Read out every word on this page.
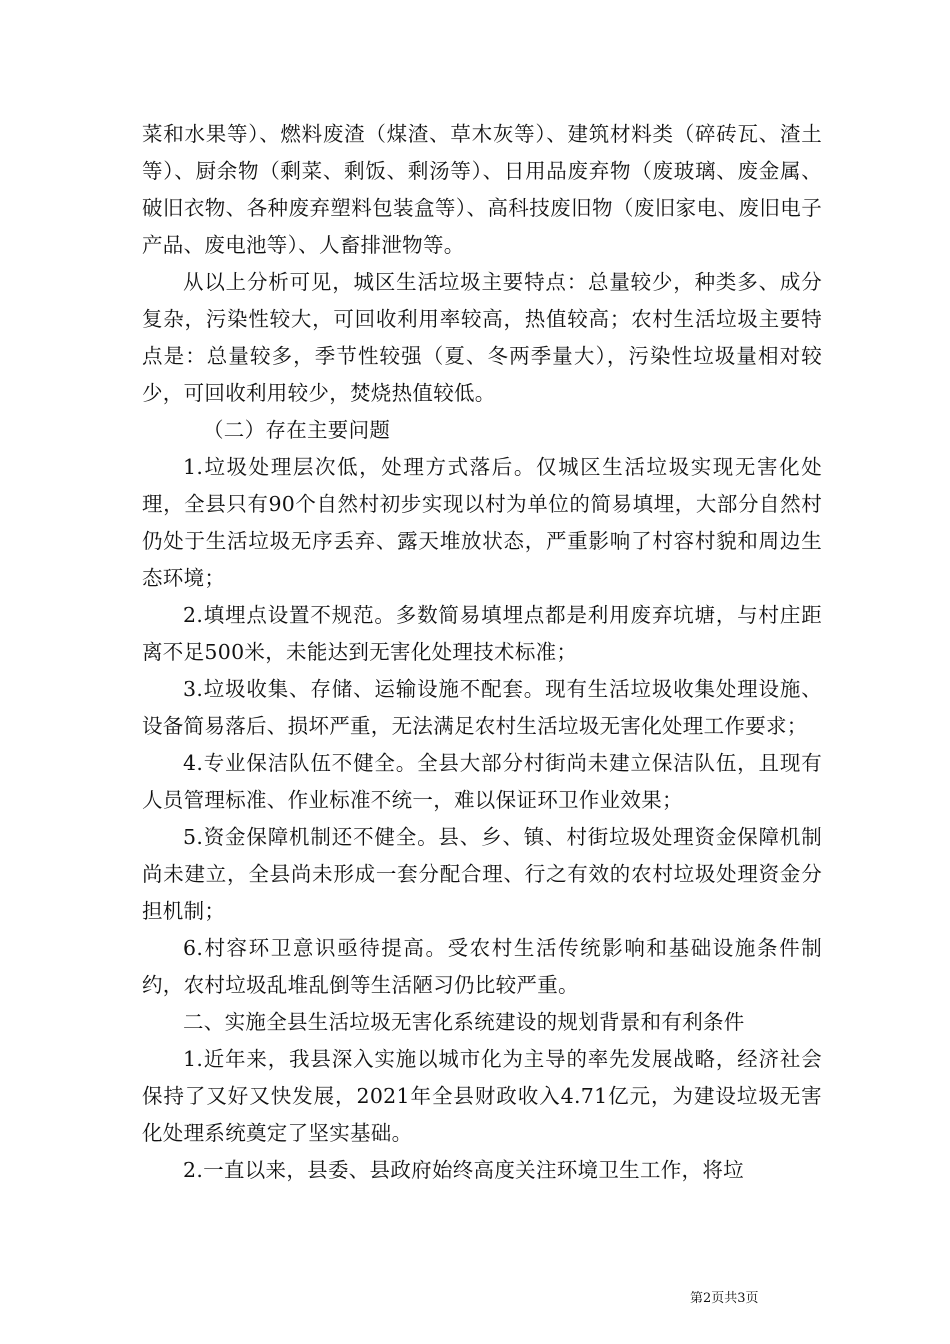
菜和水果等）、燃料废渣（煤渣、草木灰等）、建筑材料类（碎砖瓦、渣土等）、厨余物（剩菜、剩饭、剩汤等）、日用品废弃物（废玻璃、废金属、破旧衣物、各种废弃塑料包装盒等）、高科技废旧物（废旧家电、废旧电子产品、废电池等）、人畜排泄物等。

从以上分析可见，城区生活垃圾主要特点：总量较少，种类多、成分复杂，污染性较大，可回收利用率较高，热值较高；农村生活垃圾主要特点是：总量较多，季节性较强（夏、冬两季量大），污染性垃圾量相对较少，可回收利用较少，焚烧热值较低。

（二）存在主要问题

1.垃圾处理层次低，处理方式落后。仅城区生活垃圾实现无害化处理，全县只有90个自然村初步实现以村为单位的简易填埋，大部分自然村仍处于生活垃圾无序丢弃、露天堆放状态，严重影响了村容村貌和周边生态环境；

2.填埋点设置不规范。多数简易填埋点都是利用废弃坑塘，与村庄距离不足500米，未能达到无害化处理技术标准；

3.垃圾收集、存储、运输设施不配套。现有生活垃圾收集处理设施、设备简易落后、损坏严重，无法满足农村生活垃圾无害化处理工作要求；

4.专业保洁队伍不健全。全县大部分村街尚未建立保洁队伍，且现有人员管理标准、作业标准不统一，难以保证环卫作业效果；

5.资金保障机制还不健全。县、乡、镇、村街垃圾处理资金保障机制尚未建立，全县尚未形成一套分配合理、行之有效的农村垃圾处理资金分担机制；

6.村容环卫意识亟待提高。受农村生活传统影响和基础设施条件制约，农村垃圾乱堆乱倒等生活陋习仍比较严重。

二、实施全县生活垃圾无害化系统建设的规划背景和有利条件

1.近年来，我县深入实施以城市化为主导的率先发展战略，经济社会保持了又好又快发展，2021年全县财政收入4.71亿元，为建设垃圾无害化处理系统奠定了坚实基础。

2.一直以来，县委、县政府始终高度关注环境卫生工作，将垃

第2页共3页
